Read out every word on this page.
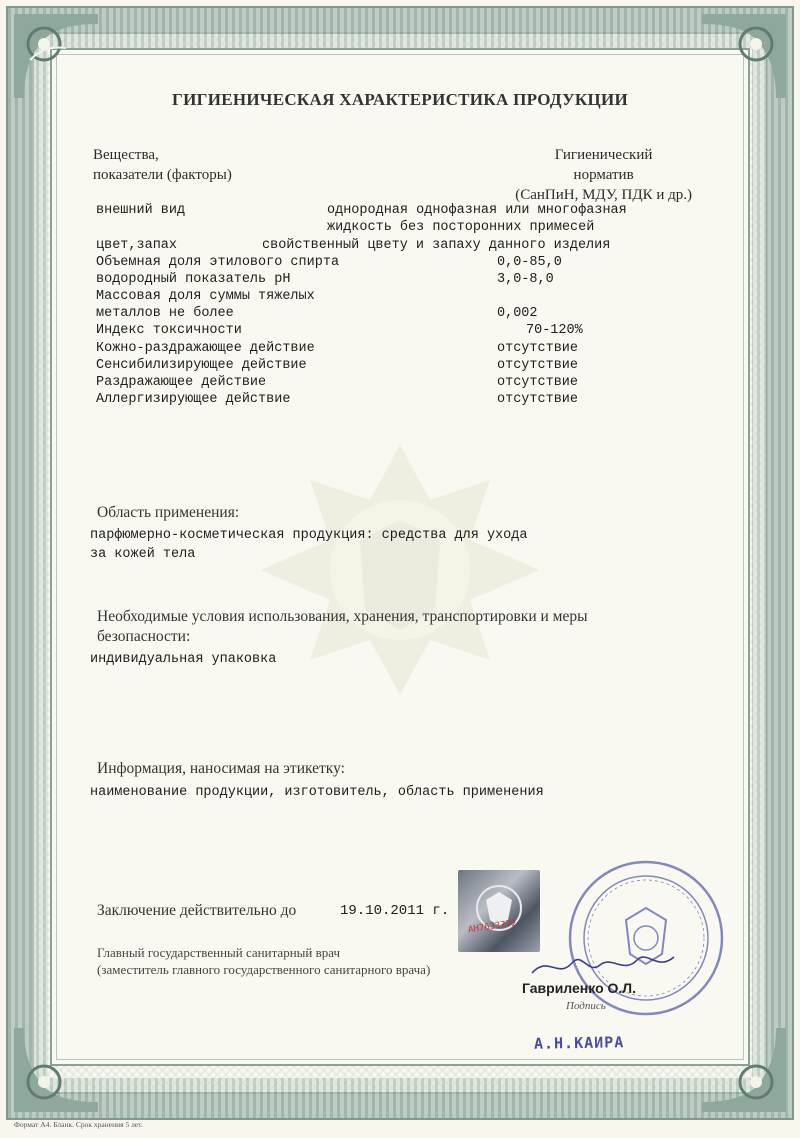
ГИГИЕНИЧЕСКАЯ ХАРАКТЕРИСТИКА ПРОДУКЦИИ
Вещества,
показатели (факторы)
Гигиенический
норматив
(СанПиН, МДУ, ПДК и др.)
внешний вид	однородная однофазная или многофазная
жидкость без посторонних примесей
цвет,запах	свойственный цвету и запаху данного изделия
Объемная доля этилового спирта	0,0-85,0
водородный показатель рН	3,0-8,0
Массовая доля суммы тяжелых
металлов не более	0,002
Индекс токсичности	70-120%
Кожно-раздражающее действие	отсутствие
Сенсибилизирующее действие	отсутствие
Раздражающее действие	отсутствие
Аллергизирующее действие	отсутствие
Область применения:
парфюмерно-косметическая продукция: средства для ухода
за кожей тела
Необходимые условия использования, хранения, транспортировки и меры
безопасности:
индивидуальная упаковка
Информация, наносимая на этикетку:
наименование продукции, изготовитель, область применения
Заключение действительно до	19.10.2011 г.
AH7633772
Главный государственный санитарный врач
(заместитель главного государственного санитарного врача)
Гавриленко О.Л.
Подпись
А.Н.КАИРА
Формат А4. Бланк. Срок хранения 5 лет.
